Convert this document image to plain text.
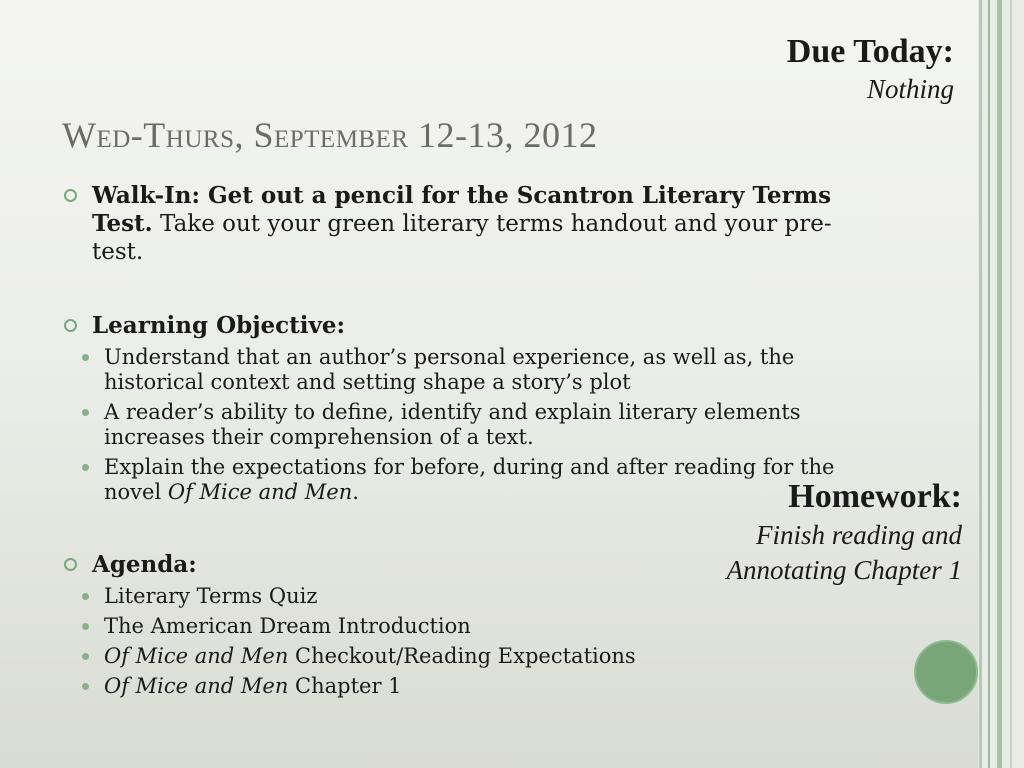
Due Today:
Nothing
Wed-Thurs, September 12-13, 2012
Walk-In: Get out a pencil for the Scantron Literary Terms Test. Take out your green literary terms handout and your pre-test.
Learning Objective:
Understand that an author’s personal experience, as well as, the historical context and setting shape a story’s plot
A reader’s ability to define, identify and explain literary elements increases their comprehension of a text.
Explain the expectations for before, during and after reading for the novel Of Mice and Men.
Agenda:
Literary Terms Quiz
The American Dream Introduction
Of Mice and Men Checkout/Reading Expectations
Of Mice and Men Chapter 1
Homework:
Finish reading and
Annotating Chapter 1
